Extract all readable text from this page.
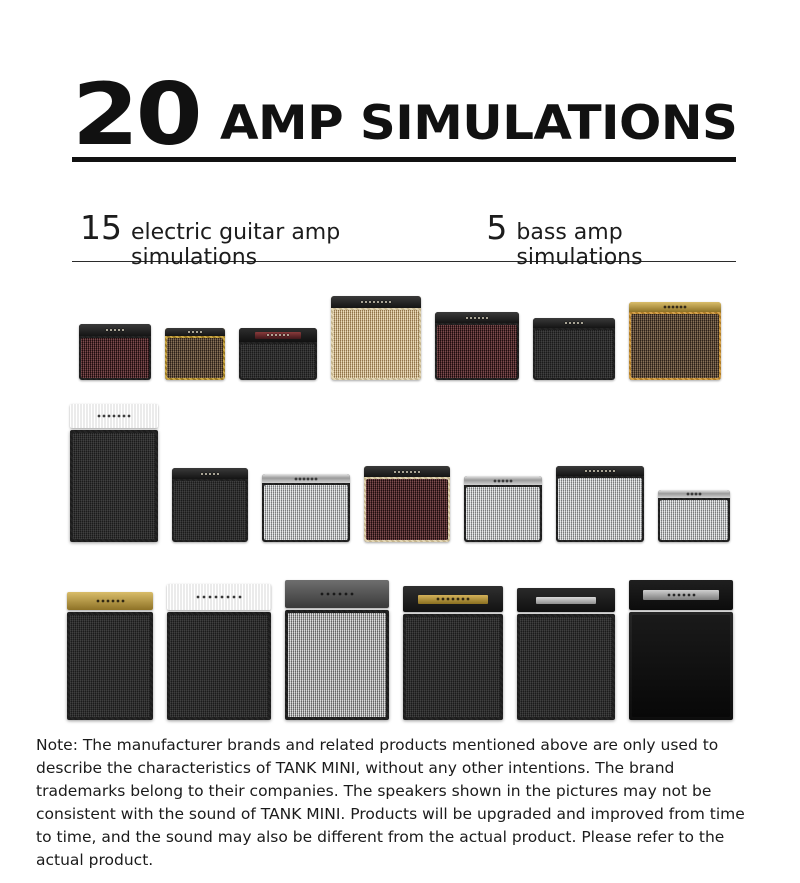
20 AMP SIMULATIONS
15 electric guitar amp simulations
5 bass amp simulations

Note: The manufacturer brands and related products mentioned above are only used to describe the characteristics of TANK MINI, without any other intentions. The brand trademarks belong to their companies. The speakers shown in the pictures may not be consistent with the sound of TANK MINI. Products will be upgraded and improved from time to time, and the sound may also be different from the actual product. Please refer to the actual product.
